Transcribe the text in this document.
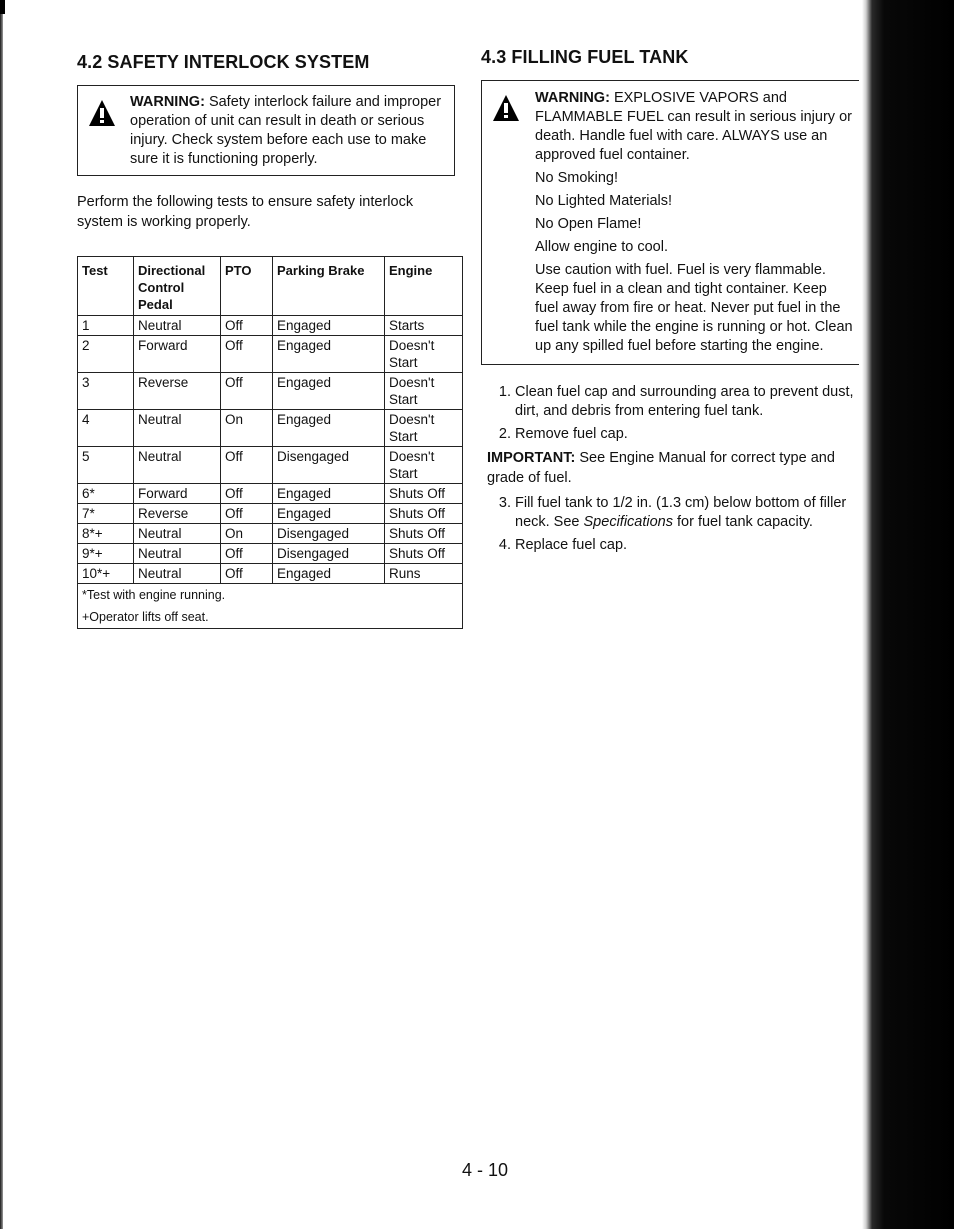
4.2 SAFETY INTERLOCK SYSTEM

WARNING: Safety interlock failure and improper operation of unit can result in death or serious injury. Check system before each use to make sure it is functioning properly.

Perform the following tests to ensure safety interlock system is working properly.

Test	Directional Control Pedal	PTO	Parking Brake	Engine
1	Neutral	Off	Engaged	Starts
2	Forward	Off	Engaged	Doesn't Start
3	Reverse	Off	Engaged	Doesn't Start
4	Neutral	On	Engaged	Doesn't Start
5	Neutral	Off	Disengaged	Doesn't Start
6*	Forward	Off	Engaged	Shuts Off
7*	Reverse	Off	Engaged	Shuts Off
8*+	Neutral	On	Disengaged	Shuts Off
9*+	Neutral	Off	Disengaged	Shuts Off
10*+	Neutral	Off	Engaged	Runs

*Test with engine running.
+Operator lifts off seat.				
4.3 FILLING FUEL TANK

WARNING: EXPLOSIVE VAPORS and FLAMMABLE FUEL can result in serious injury or death. Handle fuel with care. ALWAYS use an approved fuel container.

No Smoking!

No Lighted Materials!

No Open Flame!

Allow engine to cool.

Use caution with fuel. Fuel is very flammable. Keep fuel in a clean and tight container. Keep fuel away from fire or heat. Never put fuel in the fuel tank while the engine is running or hot. Clean up any spilled fuel before starting the engine.

1. Clean fuel cap and surrounding area to prevent dust, dirt, and debris from entering fuel tank.
2. Remove fuel cap.

IMPORTANT: See Engine Manual for correct type and grade of fuel.

3. Fill fuel tank to 1/2 in. (1.3 cm) below bottom of filler neck. See Specifications for fuel tank capacity.
4. Replace fuel cap.
4 - 10
